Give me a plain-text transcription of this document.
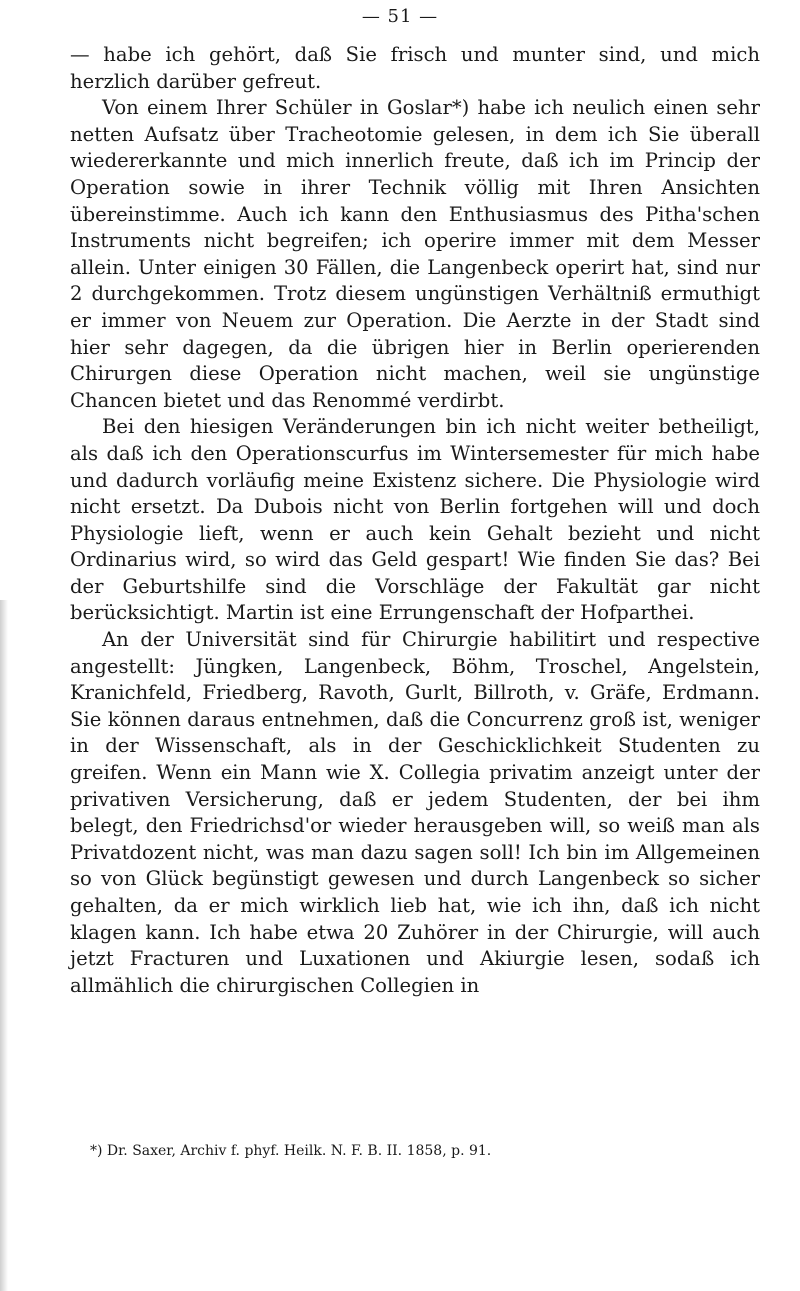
— 51 —

— habe ich gehört, daß Sie frisch und munter sind, und mich herzlich darüber gefreut.

Von einem Ihrer Schüler in Goslar*) habe ich neulich einen sehr netten Aufsatz über Tracheotomie gelesen, in dem ich Sie überall wiedererkannte und mich innerlich freute, daß ich im Princip der Operation sowie in ihrer Technik völlig mit Ihren Ansichten übereinstimme. Auch ich kann den Enthusiasmus des Pitha'schen Instruments nicht begreifen; ich operire immer mit dem Messer allein. Unter einigen 30 Fällen, die Langenbeck operirt hat, sind nur 2 durchgekommen. Trotz diesem ungünstigen Verhältniß ermuthigt er immer von Neuem zur Operation. Die Aerzte in der Stadt sind hier sehr dagegen, da die übrigen hier in Berlin operierenden Chirurgen diese Operation nicht machen, weil sie ungünstige Chancen bietet und das Renommé verdirbt.

Bei den hiesigen Veränderungen bin ich nicht weiter betheiligt, als daß ich den Operationscurfus im Wintersemester für mich habe und dadurch vorläufig meine Existenz sichere. Die Physiologie wird nicht ersetzt. Da Dubois nicht von Berlin fortgehen will und doch Physiologie lieft, wenn er auch kein Gehalt bezieht und nicht Ordinarius wird, so wird das Geld gespart! Wie finden Sie das? Bei der Geburtshilfe sind die Vorschläge der Fakultät gar nicht berücksichtigt. Martin ist eine Errungenschaft der Hofparthei.

An der Universität sind für Chirurgie habilitirt und respective angestellt: Jüngken, Langenbeck, Böhm, Troschel, Angelstein, Kranichfeld, Friedberg, Ravoth, Gurlt, Billroth, v. Gräfe, Erdmann. Sie können daraus entnehmen, daß die Concurrenz groß ist, weniger in der Wissenschaft, als in der Geschicklichkeit Studenten zu greifen. Wenn ein Mann wie X. Collegia privatim anzeigt unter der privativen Versicherung, daß er jedem Studenten, der bei ihm belegt, den Friedrichsd'or wieder herausgeben will, so weiß man als Privatdozent nicht, was man dazu sagen soll! Ich bin im Allgemeinen so von Glück begünstigt gewesen und durch Langenbeck so sicher gehalten, da er mich wirklich lieb hat, wie ich ihn, daß ich nicht klagen kann. Ich habe etwa 20 Zuhörer in der Chirurgie, will auch jetzt Fracturen und Luxationen und Akiurgie lesen, sodaß ich allmählich die chirurgischen Collegien in

*) Dr. Saxer, Archiv f. phyf. Heilk. N. F. B. II. 1858, p. 91.
